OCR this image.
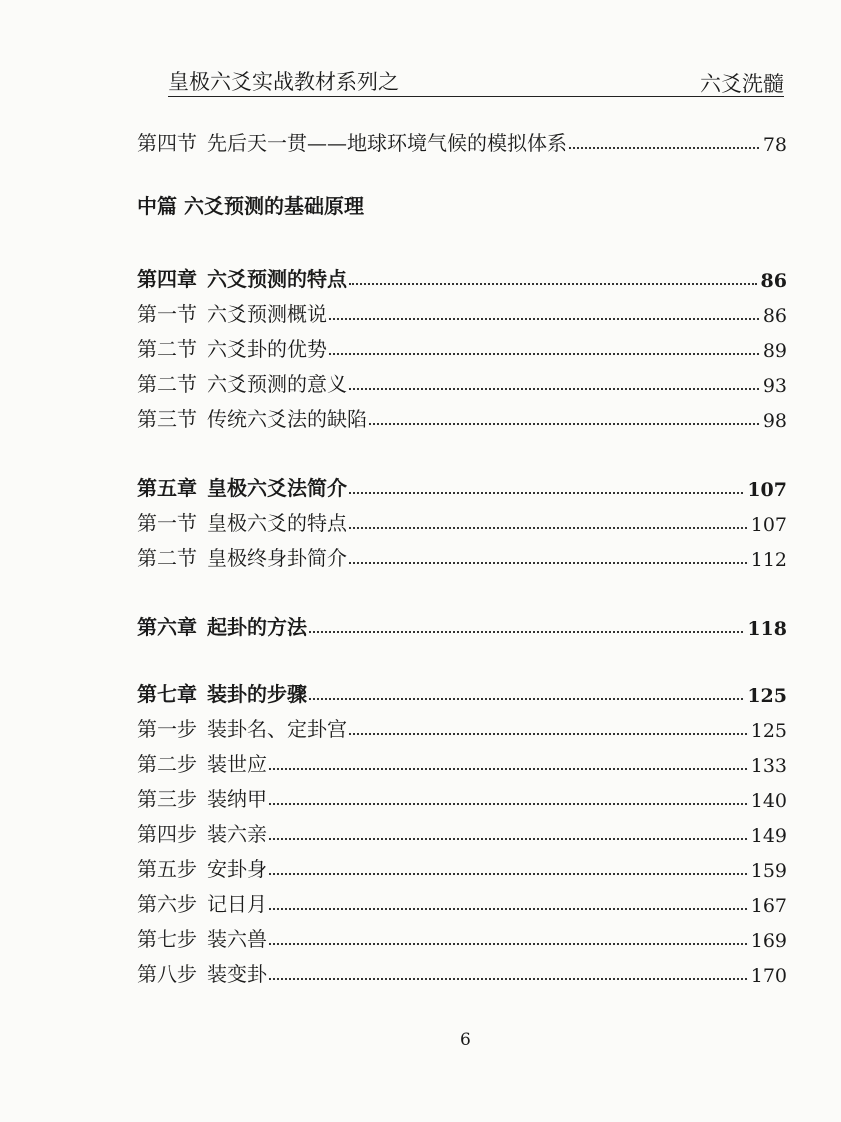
皇极六爻实战教材系列之	六爻洗髓
中篇 六爻预测的基础原理
第四节 先后天一贯——地球环境气候的模拟体系	78
第四章 六爻预测的特点	86
第一节 六爻预测概说	86
第二节 六爻卦的优势	89
第二节 六爻预测的意义	93
第三节 传统六爻法的缺陷	98
第五章 皇极六爻法简介	107
第一节 皇极六爻的特点	107
第二节 皇极终身卦简介	112
第六章 起卦的方法	118
第七章 装卦的步骤	125
第一步 装卦名、定卦宫	125
第二步 装世应	133
第三步 装纳甲	140
第四步 装六亲	149
第五步 安卦身	159
第六步 记日月	167
第七步 装六兽	169
第八步 装变卦	170
6
